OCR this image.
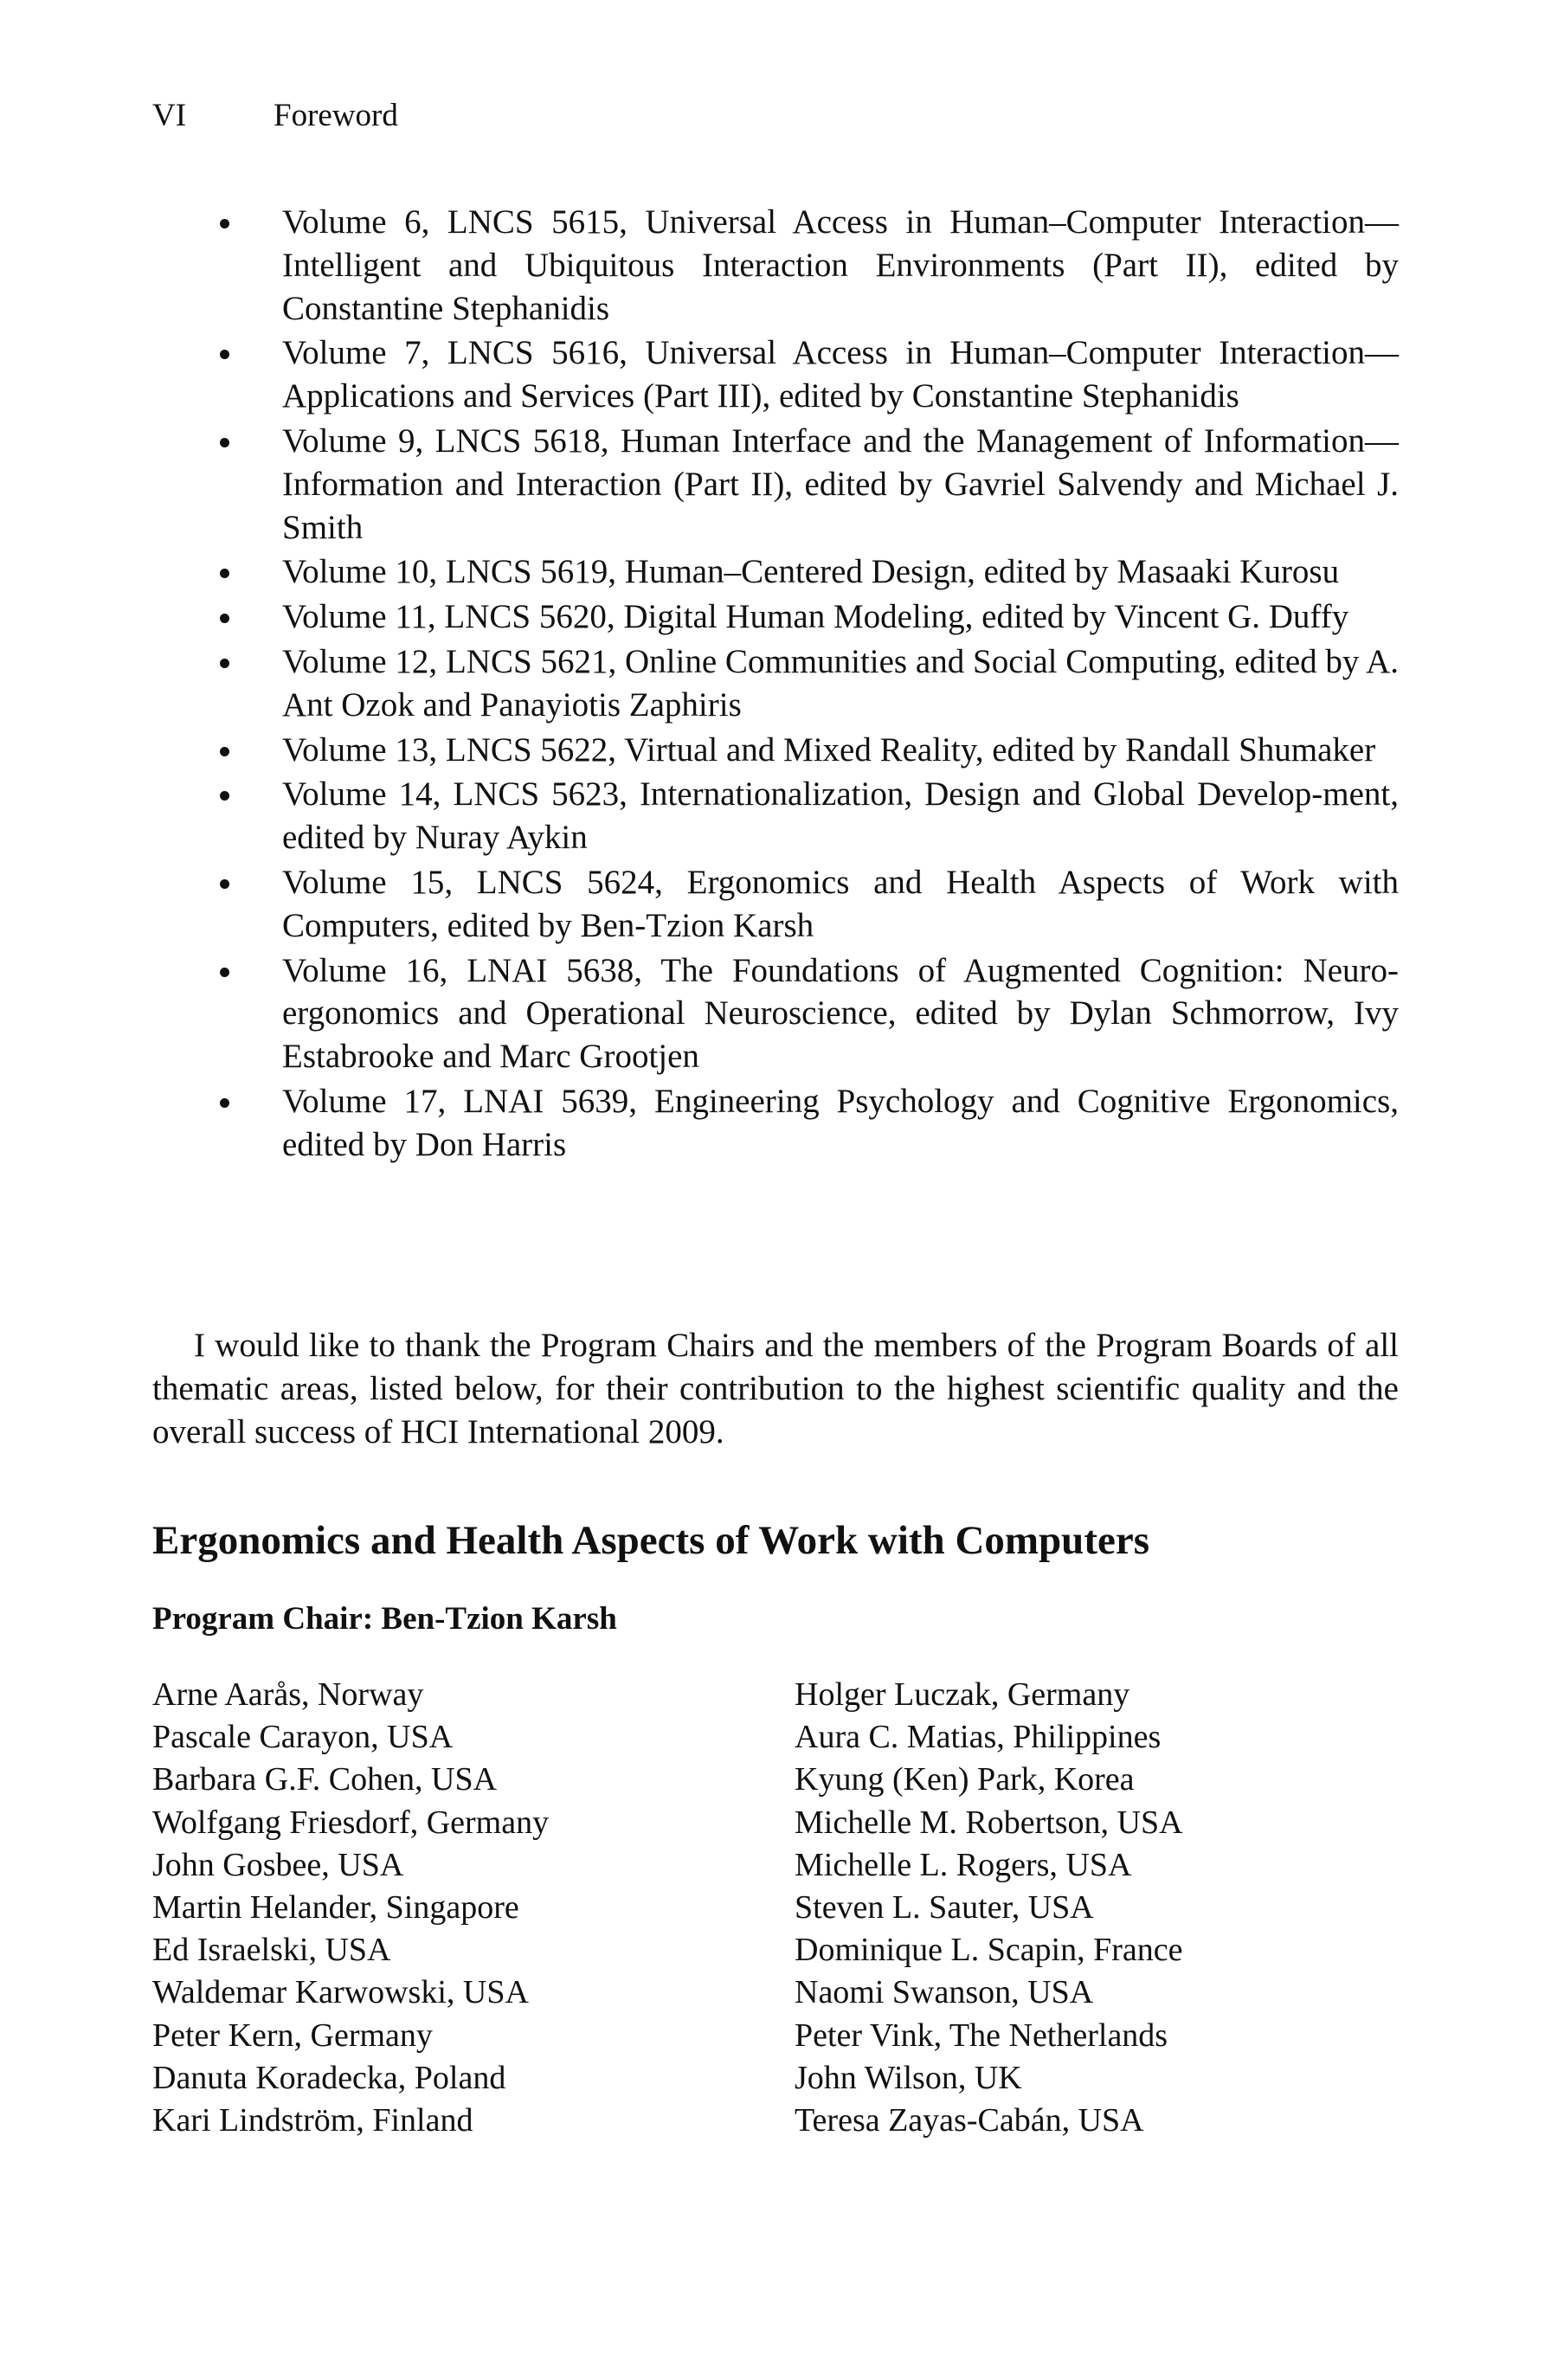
VI	Foreword
Volume 6, LNCS 5615, Universal Access in Human–Computer Interaction—Intelligent and Ubiquitous Interaction Environments (Part II), edited by Constantine Stephanidis
Volume 7, LNCS 5616, Universal Access in Human–Computer Interaction—Applications and Services (Part III), edited by Constantine Stephanidis
Volume 9, LNCS 5618, Human Interface and the Management of Information—Information and Interaction (Part II), edited by Gavriel Salvendy and Michael J. Smith
Volume 10, LNCS 5619, Human–Centered Design, edited by Masaaki Kurosu
Volume 11, LNCS 5620, Digital Human Modeling, edited by Vincent G. Duffy
Volume 12, LNCS 5621, Online Communities and Social Computing, edited by A. Ant Ozok and Panayiotis Zaphiris
Volume 13, LNCS 5622, Virtual and Mixed Reality, edited by Randall Shumaker
Volume 14, LNCS 5623, Internationalization, Design and Global Develop-ment, edited by Nuray Aykin
Volume 15, LNCS 5624, Ergonomics and Health Aspects of Work with Computers, edited by Ben-Tzion Karsh
Volume 16, LNAI 5638, The Foundations of Augmented Cognition: Neuro-ergonomics and Operational Neuroscience, edited by Dylan Schmorrow, Ivy Estabrooke and Marc Grootjen
Volume 17, LNAI 5639, Engineering Psychology and Cognitive Ergonomics, edited by Don Harris

I would like to thank the Program Chairs and the members of the Program Boards of all thematic areas, listed below, for their contribution to the highest scientific quality and the overall success of HCI International 2009.

Ergonomics and Health Aspects of Work with Computers

Program Chair: Ben-Tzion Karsh

Arne Aarås, Norway
Pascale Carayon, USA
Barbara G.F. Cohen, USA
Wolfgang Friesdorf, Germany
John Gosbee, USA
Martin Helander, Singapore
Ed Israelski, USA
Waldemar Karwowski, USA
Peter Kern, Germany
Danuta Koradecka, Poland
Kari Lindström, Finland
Holger Luczak, Germany
Aura C. Matias, Philippines
Kyung (Ken) Park, Korea
Michelle M. Robertson, USA
Michelle L. Rogers, USA
Steven L. Sauter, USA
Dominique L. Scapin, France
Naomi Swanson, USA
Peter Vink, The Netherlands
John Wilson, UK
Teresa Zayas-Cabán, USA
